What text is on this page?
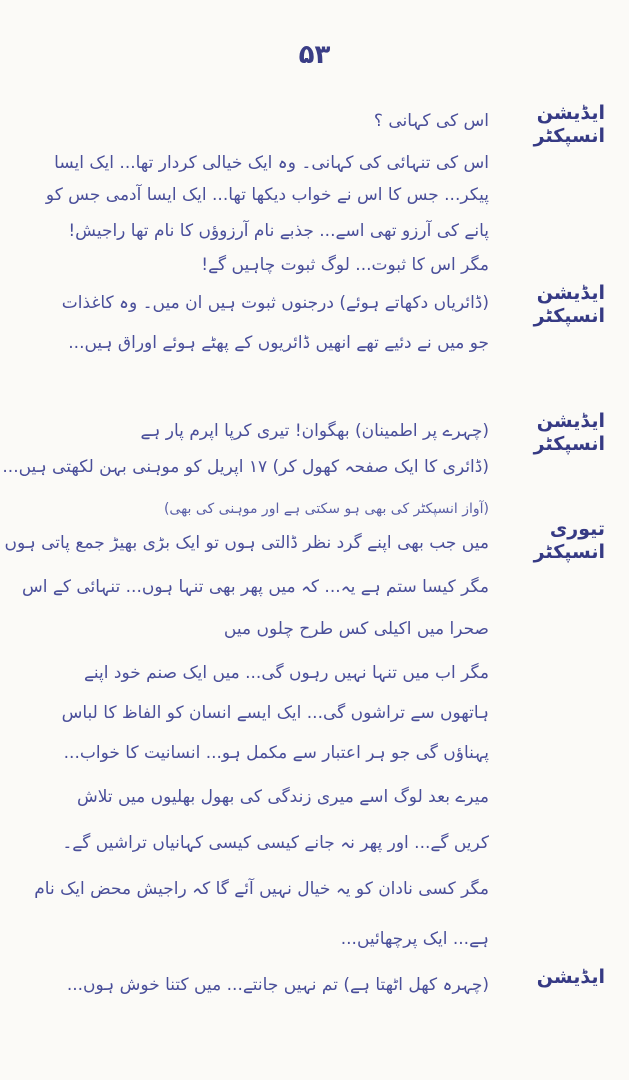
۵۳
ایڈیشن انسپکٹر
ایڈیشن انسپکٹر
ایڈیشن انسپکٹر
تیوری انسپکٹر
ایڈیشن
اس کی کہانی ؟
اس کی تنہائی کی کہانی۔ وہ ایک خیالی کردار تھا... ایک ایسا
پیکر... جس کا اس نے خواب دیکھا تھا... ایک ایسا آدمی جس کو
پانے کی آرزو تھی اسے... جذبے نام آرزوؤں کا نام تھا راجیش!
مگر اس کا ثبوت... لوگ ثبوت چاہیں گے!
(ڈائریاں دکھاتے ہوئے) درجنوں ثبوت ہیں ان میں۔ وہ کاغذات
جو میں نے دئیے تھے انھیں ڈائریوں کے پھٹے ہوئے اوراق ہیں...
(چہرے پر اطمینان) بھگوان! تیری کرپا اپرم پار ہے
(ڈائری کا ایک صفحہ کھول کر) ۱۷ اپریل کو موہنی بہن لکھتی ہیں...
(آواز انسپکٹر کی بھی ہو سکتی ہے اور موہنی کی بھی)
میں جب بھی اپنے گرد نظر ڈالتی ہوں تو ایک بڑی بھیڑ جمع پاتی ہوں
مگر کیسا ستم ہے یہ... کہ میں پھر بھی تنہا ہوں... تنہائی کے اس
صحرا میں اکیلی کس طرح چلوں میں
مگر اب میں تنہا نہیں رہوں گی... میں ایک صنم خود اپنے
ہاتھوں سے تراشوں گی... ایک ایسے انسان کو الفاظ کا لباس
پہناؤں گی جو ہر اعتبار سے مکمل ہو... انسانیت کا خواب...
میرے بعد لوگ اسے میری زندگی کی بھول بھلیوں میں تلاش
کریں گے... اور پھر نہ جانے کیسی کیسی کہانیاں تراشیں گے۔
مگر کسی نادان کو یہ خیال نہیں آئے گا کہ راجیش محض ایک نام
ہے... ایک پرچھائیں...
(چہرہ کھل اٹھتا ہے) تم نہیں جانتے... میں کتنا خوش ہوں...
